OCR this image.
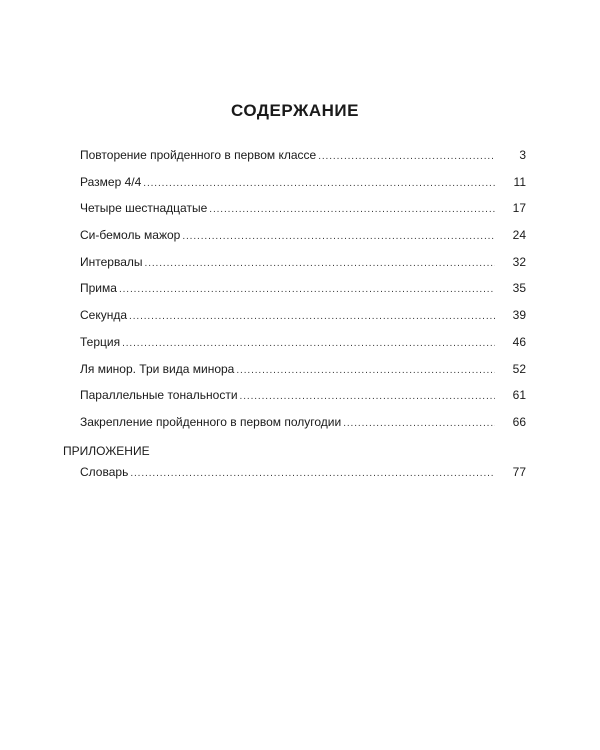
СОДЕРЖАНИЕ
Повторение пройденного в первом классе .....	3
Размер 4/4 .....	11
Четыре шестнадцатые .....	17
Си-бемоль мажор .....	24
Интервалы .....	32
Прима .....	35
Секунда .....	39
Терция .....	46
Ля минор. Три вида минора .....	52
Параллельные тональности .....	61
Закрепление пройденного в первом полугодии .....	66
ПРИЛОЖЕНИЕ
Словарь .....	77
